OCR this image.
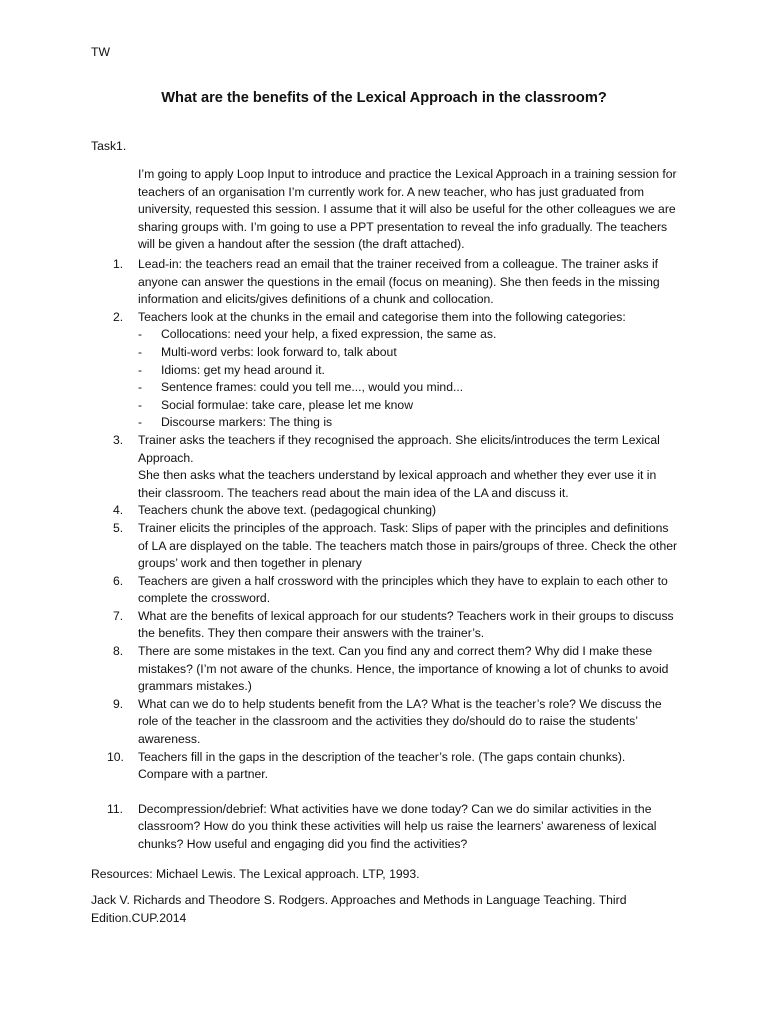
TW

What are the benefits of the Lexical Approach in the classroom?

Task1.

I’m going to apply Loop Input to introduce and practice the Lexical Approach in a training session for teachers of an organisation I’m currently work for. A new teacher, who has just graduated from university, requested this session. I assume that it will also be useful for the other colleagues we are sharing groups with. I’m going to use a PPT presentation to reveal the info gradually. The teachers will be given a handout after the session (the draft attached).

1.	Lead-in: the teachers read an email that the trainer received from a colleague. The trainer asks if anyone can answer the questions in the email (focus on meaning). She then feeds in the missing information and elicits/gives definitions of a chunk and collocation.
2.	Teachers look at the chunks in the email and categorise them into the following categories:
- Collocations: need your help, a fixed expression, the same as.
- Multi-word verbs: look forward to, talk about
- Idioms: get my head around it.
- Sentence frames: could you tell me..., would you mind...
- Social formulae: take care, please let me know
- Discourse markers: The thing is
3.	Trainer asks the teachers if they recognised the approach. She elicits/introduces the term Lexical Approach.

She then asks what the teachers understand by lexical approach and whether they ever use it in their classroom. The teachers read about the main idea of the LA and discuss it.

4.	Teachers chunk the above text. (pedagogical chunking)
5.	Trainer elicits the principles of the approach. Task: Slips of paper with the principles and definitions of LA are displayed on the table. The teachers match those in pairs/groups of three. Check the other groups’ work and then together in plenary
6.	Teachers are given a half crossword with the principles which they have to explain to each other to complete the crossword.
7.	What are the benefits of lexical approach for our students? Teachers work in their groups to discuss the benefits. They then compare their answers with the trainer’s.
8.	There are some mistakes in the text. Can you find any and correct them? Why did I make these mistakes? (I’m not aware of the chunks. Hence, the importance of knowing a lot of chunks to avoid grammars mistakes.)
9.	What can we do to help students benefit from the LA? What is the teacher’s role? We discuss the role of the teacher in the classroom and the activities they do/should do to raise the students’ awareness.
10.	Teachers fill in the gaps in the description of the teacher’s role. (The gaps contain chunks). Compare with a partner.
11.	Decompression/debrief: What activities have we done today? Can we do similar activities in the classroom? How do you think these activities will help us raise the learners’ awareness of lexical chunks? How useful and engaging did you find the activities?

Resources: Michael Lewis. The Lexical approach. LTP, 1993.

Jack V. Richards and Theodore S. Rodgers. Approaches and Methods in Language Teaching. Third Edition.CUP.2014
